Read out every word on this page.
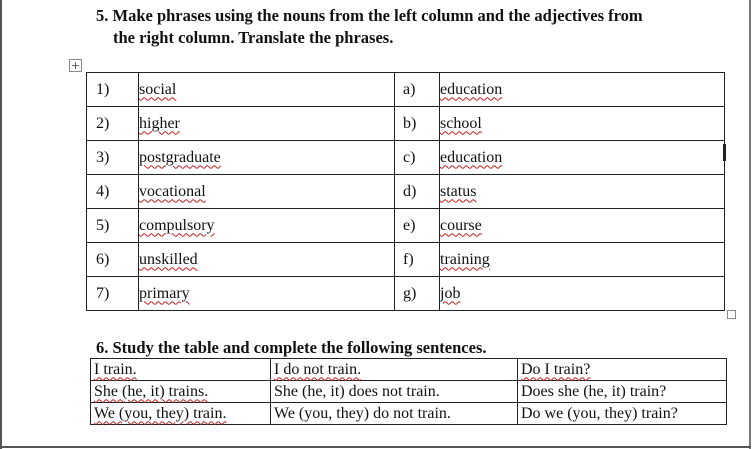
5. Make phrases using the nouns from the left column and the adjectives from
the right column. Translate the phrases.
+
1)	social	a)	education
2)	higher	b)	school
3)	postgraduate	c)	education
4)	vocational	d)	status
5)	compulsory	e)	course
6)	unskilled	f)	training
7)	primary	g)	job
6. Study the table and complete the following sentences.
I train.	I do not train.	Do I train?
She (he, it) trains.	She (he, it) does not train.	Does she (he, it) train?
We (you, they) train.	We (you, they) do not train.	Do we (you, they) train?
